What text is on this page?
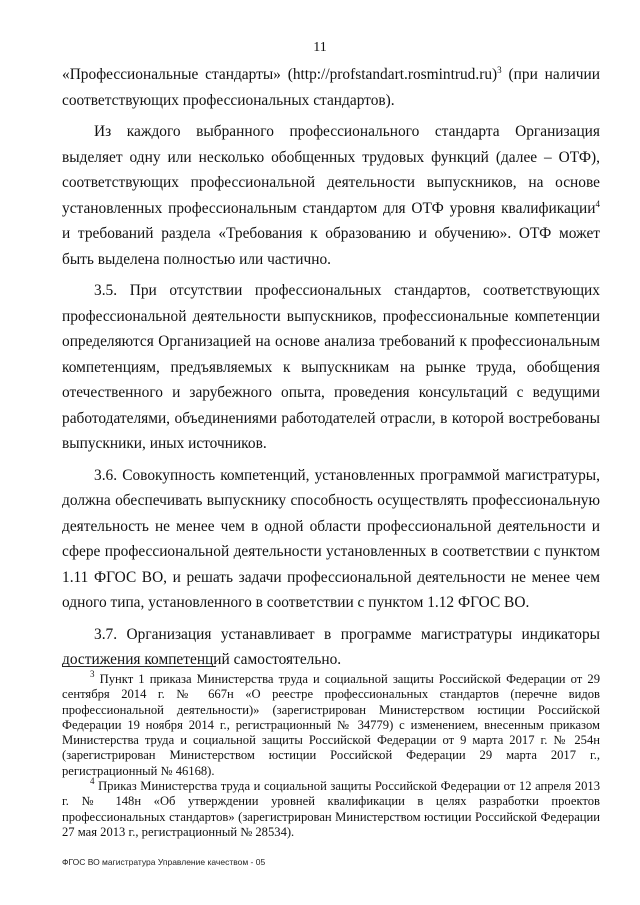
11

«Профессиональные стандарты» (http://profstandart.rosmintrud.ru)$^3$ (при наличии соответствующих профессиональных стандартов).

Из каждого выбранного профессионального стандарта Организация выделяет одну или несколько обобщенных трудовых функций (далее – ОТФ), соответствующих профессиональной деятельности выпускников, на основе установленных профессиональным стандартом для ОТФ уровня квалификации$^4$ и требований раздела «Требования к образованию и обучению». ОТФ может быть выделена полностью или частично.

3.5. При отсутствии профессиональных стандартов, соответствующих профессиональной деятельности выпускников, профессиональные компетенции определяются Организацией на основе анализа требований к профессиональным компетенциям, предъявляемых к выпускникам на рынке труда, обобщения отечественного и зарубежного опыта, проведения консультаций с ведущими работодателями, объединениями работодателей отрасли, в которой востребованы выпускники, иных источников.

3.6. Совокупность компетенций, установленных программой магистратуры, должна обеспечивать выпускнику способность осуществлять профессиональную деятельность не менее чем в одной области профессиональной деятельности и сфере профессиональной деятельности установленных в соответствии с пунктом 1.11 ФГОС ВО, и решать задачи профессиональной деятельности не менее чем одного типа, установленного в соответствии с пунктом 1.12 ФГОС ВО.

3.7. Организация устанавливает в программе магистратуры индикаторы достижения компетенций самостоятельно.

$^3$ Пункт 1 приказа Министерства труда и социальной защиты Российской Федерации от 29 сентября 2014 г. № 667н «О реестре профессиональных стандартов (перечне видов профессиональной деятельности)» (зарегистрирован Министерством юстиции Российской Федерации 19 ноября 2014 г., регистрационный № 34779) с изменением, внесенным приказом Министерства труда и социальной защиты Российской Федерации от 9 марта 2017 г. № 254н (зарегистрирован Министерством юстиции Российской Федерации 29 марта 2017 г., регистрационный № 46168).

$^4$ Приказ Министерства труда и социальной защиты Российской Федерации от 12 апреля 2013 г. № 148н «Об утверждении уровней квалификации в целях разработки проектов профессиональных стандартов» (зарегистрирован Министерством юстиции Российской Федерации 27 мая 2013 г., регистрационный № 28534).

ФГОС ВО магистратура Управление качеством - 05
